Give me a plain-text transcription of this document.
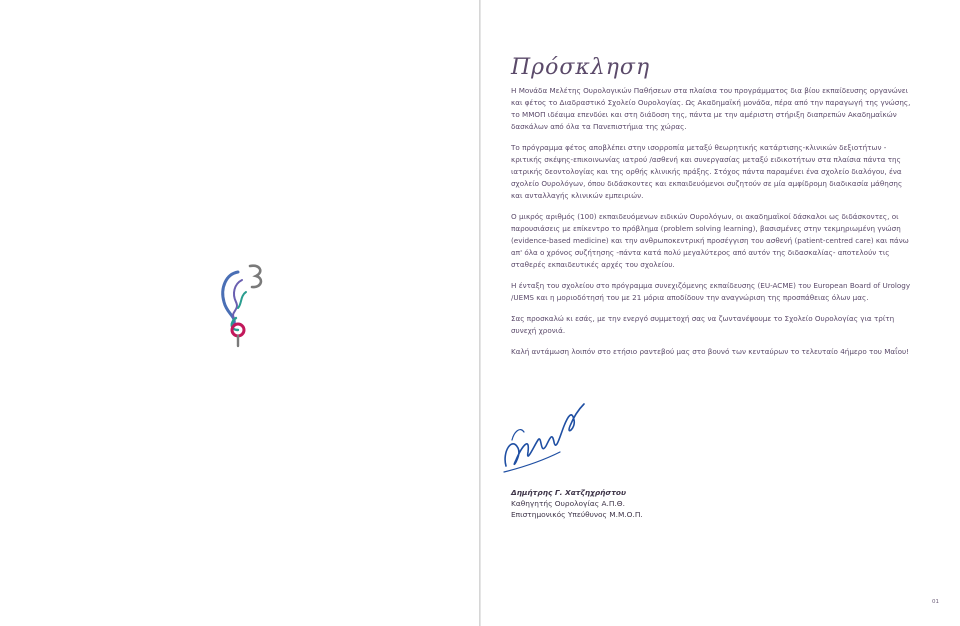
Πρόσκληση

Η Μονάδα Μελέτης Ουρολογικών Παθήσεων στα πλαίσια του προγράμματος δια βίου εκπαίδευσης οργανώνει και φέτος το Διαδραστικό Σχολείο Ουρολογίας. Ως Ακαδημαϊκή μονάδα, πέρα από την παραγωγή της γνώσης, το ΜΜΟΠ ιδέαιμα επενδύει και στη διάδοση της, πάντα με την αμέριστη στήριξη διαπρεπών Ακαδημαϊκών δασκάλων από όλα τα Πανεπιστήμια της χώρας.

Το πρόγραμμα φέτος αποβλέπει στην ισορροπία μεταξύ θεωρητικής κατάρτισης-κλινικών δεξιοτήτων - κριτικής σκέψης-επικοινωνίας ιατρού /ασθενή και συνεργασίας μεταξύ ειδικοτήτων στα πλαίσια πάντα της ιατρικής δεοντολογίας και της ορθής κλινικής πράξης. Στόχος πάντα παραμένει ένα σχολείο διαλόγου, ένα σχολείο Ουρολόγων, όπου διδάσκοντες και εκπαιδευόμενοι συζητούν σε μία αμφίδρομη διαδικασία μάθησης και ανταλλαγής κλινικών εμπειριών.

Ο μικρός αριθμός (100) εκπαιδευόμενων ειδικών Ουρολόγων, οι ακαδημαϊκοί δάσκαλοι ως διδάσκοντες, οι παρουσιάσεις με επίκεντρο το πρόβλημα (problem solving learning), βασισμένες στην τεκμηριωμένη γνώση (evidence-based medicine) και την ανθρωποκεντρική προσέγγιση του ασθενή (patient-centred care) και πάνω απ' όλα ο χρόνος συζήτησης -πάντα κατά πολύ μεγαλύτερος από αυτόν της διδασκαλίας- αποτελούν τις σταθερές εκπαιδευτικές αρχές του σχολείου.

Η ένταξη του σχολείου στο πρόγραμμα συνεχιζόμενης εκπαίδευσης (EU-ACME) του European Board of Urology /UEMS και η μοριοδότησή του με 21 μόρια αποδίδουν την αναγνώριση της προσπάθειας όλων μας.

Σας προσκαλώ κι εσάς, με την ενεργό συμμετοχή σας να ζωντανέψουμε το Σχολείο Ουρολογίας για τρίτη συνεχή χρονιά.

Καλή αντάμωση λοιπόν στο ετήσιο ραντεβού μας στο βουνό των κενταύρων το τελευταίο 4ήμερο του Μαΐου!

Δημήτρης Γ. Χατζηχρήστου
Καθηγητής Ουρολογίας Α.Π.Θ.
Επιστημονικός Υπεύθυνος Μ.Μ.Ο.Π.
01
